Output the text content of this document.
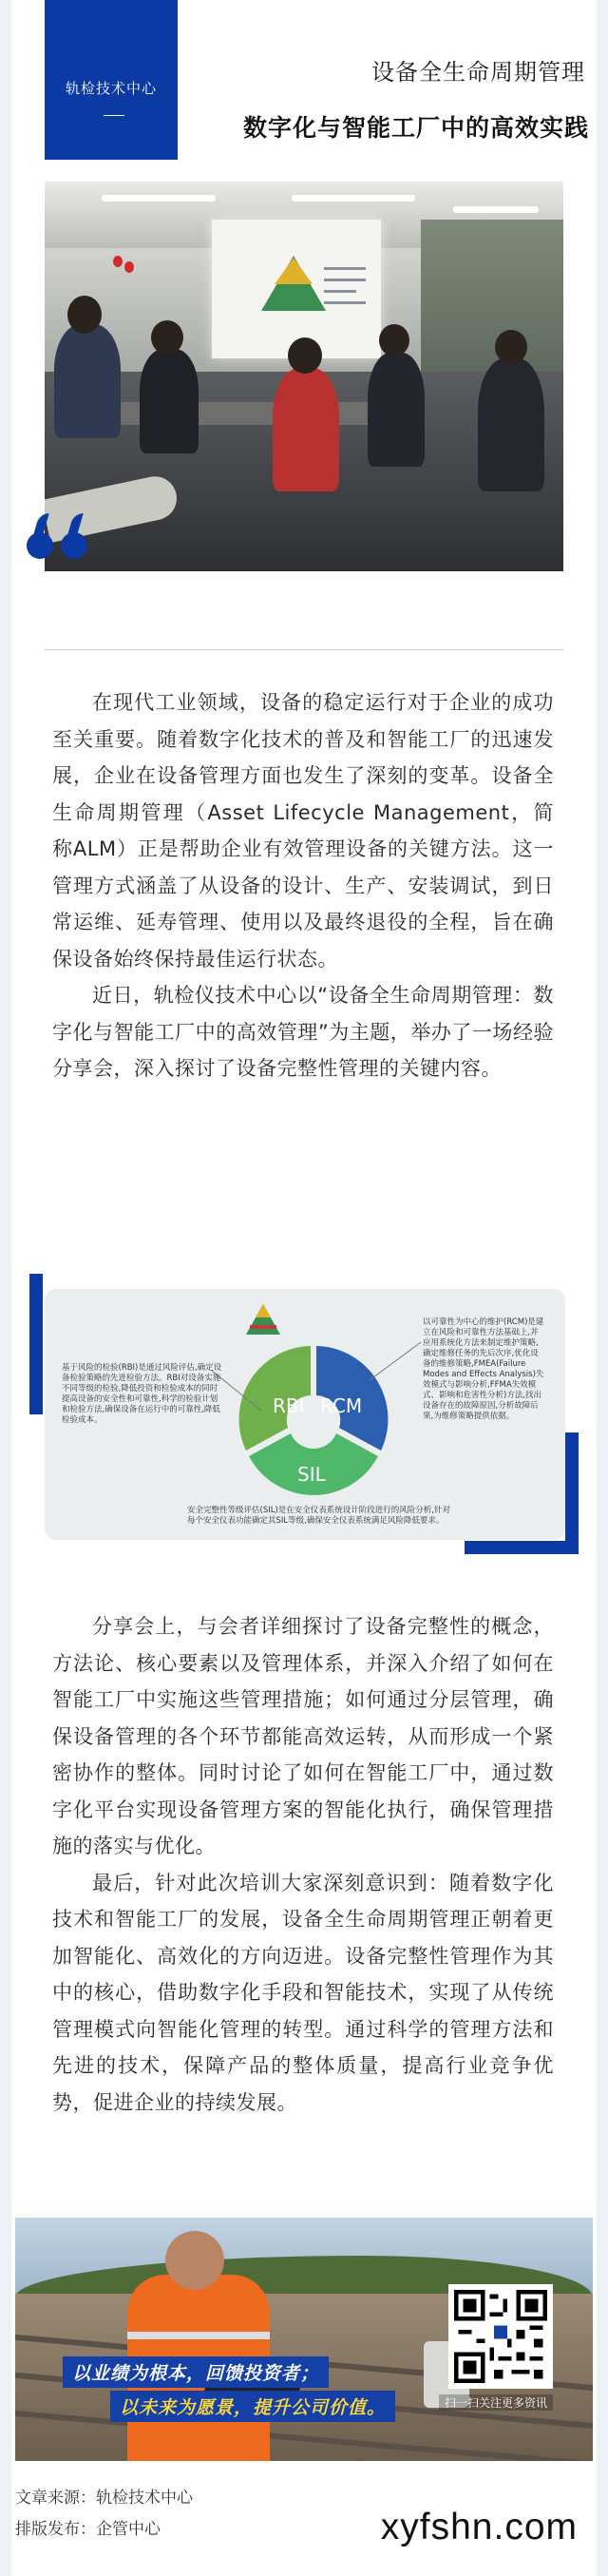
轨检技术中心
设备全生命周期管理
数字化与智能工厂中的高效实践

在现代工业领域，设备的稳定运行对于企业的成功至关重要。随着数字化技术的普及和智能工厂的迅速发展，企业在设备管理方面也发生了深刻的变革。设备全生命周期管理（Asset Lifecycle Management，简称ALM）正是帮助企业有效管理设备的关键方法。这一管理方式涵盖了从设备的设计、生产、安装调试，到日常运维、延寿管理、使用以及最终退役的全程，旨在确保设备始终保持最佳运行状态。

近日，轨检仪技术中心以“设备全生命周期管理：数字化与智能工厂中的高效管理”为主题，举办了一场经验分享会，深入探讨了设备完整性管理的关键内容。

RBI RCM
SIL
基于风险的检验(RBI)是通过风险评估,确定设备检验策略的先进检验方法。RBI对设备实施不同等级的检验,降低投资和检验成本的同时提高设备的安全性和可靠性,科学的检验计划和检验方法,确保设备在运行中的可靠性,降低检验成本。
以可靠性为中心的维护(RCM)是建立在风险和可靠性方法基础上,并应用系统化方法来制定维护策略,确定维修任务的先后次序,优化设备的维修策略,FMEA(Failure Modes and Effects Analysis)失效模式与影响分析,FFMA失效模式、影响和危害性分析)方法,找出设备存在的故障原因,分析故障后果,为维修策略提供依据。
安全完整性等级评估(SIL)是在安全仪表系统设计阶段进行的风险分析,针对每个安全仪表功能确定其SIL等级,确保安全仪表系统满足风险降低要求。

分享会上，与会者详细探讨了设备完整性的概念，方法论、核心要素以及管理体系，并深入介绍了如何在智能工厂中实施这些管理措施；如何通过分层管理，确保设备管理的各个环节都能高效运转，从而形成一个紧密协作的整体。同时讨论了如何在智能工厂中，通过数字化平台实现设备管理方案的智能化执行，确保管理措施的落实与优化。

最后，针对此次培训大家深刻意识到：随着数字化技术和智能工厂的发展，设备全生命周期管理正朝着更加智能化、高效化的方向迈进。设备完整性管理作为其中的核心，借助数字化手段和智能技术，实现了从传统管理模式向智能化管理的转型。通过科学的管理方法和先进的技术，保障产品的整体质量，提高行业竞争优势，促进企业的持续发展。

以业绩为根本，回馈投资者；
以未来为愿景，提升公司价值。	扫一扫关注更多资讯
文章来源：轨检技术中心
排版发布：企管中心	xyfshn.com
